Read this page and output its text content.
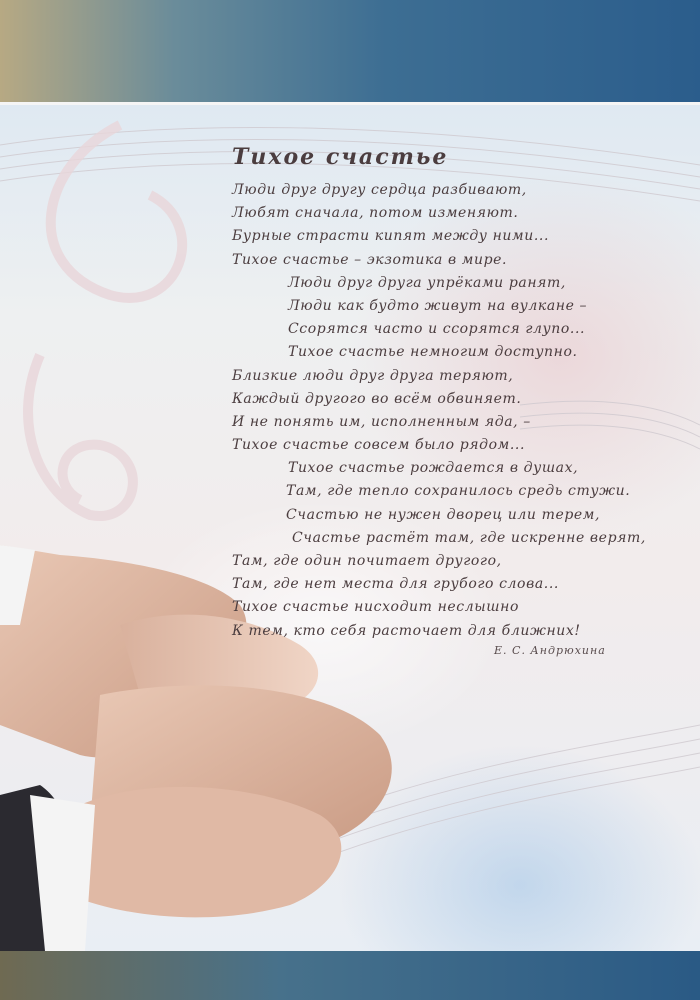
Тихое счастье
Люди друг другу сердца разбивают,
Любят сначала, потом изменяют.
Бурные страсти кипят между ними...
Тихое счастье – экзотика в мире.
Люди друг друга упрёками ранят,
Люди как будто живут на вулкане –
Ссорятся часто и ссорятся глупо...
Тихое счастье немногим доступно.
Близкие люди друг друга теряют,
Каждый другого во всём обвиняет.
И не понять им, исполненным яда, –
Тихое счастье совсем было рядом...
Тихое счастье рождается в душах,
Там, где тепло сохранилось средь стужи.
Счастью не нужен дворец или терем,
Счастье растёт там, где искренне верят,
Там, где один почитает другого,
Там, где нет места для грубого слова...
Тихое счастье нисходит неслышно
К тем, кто себя расточает для ближних!
Е. С. Андрюхина
